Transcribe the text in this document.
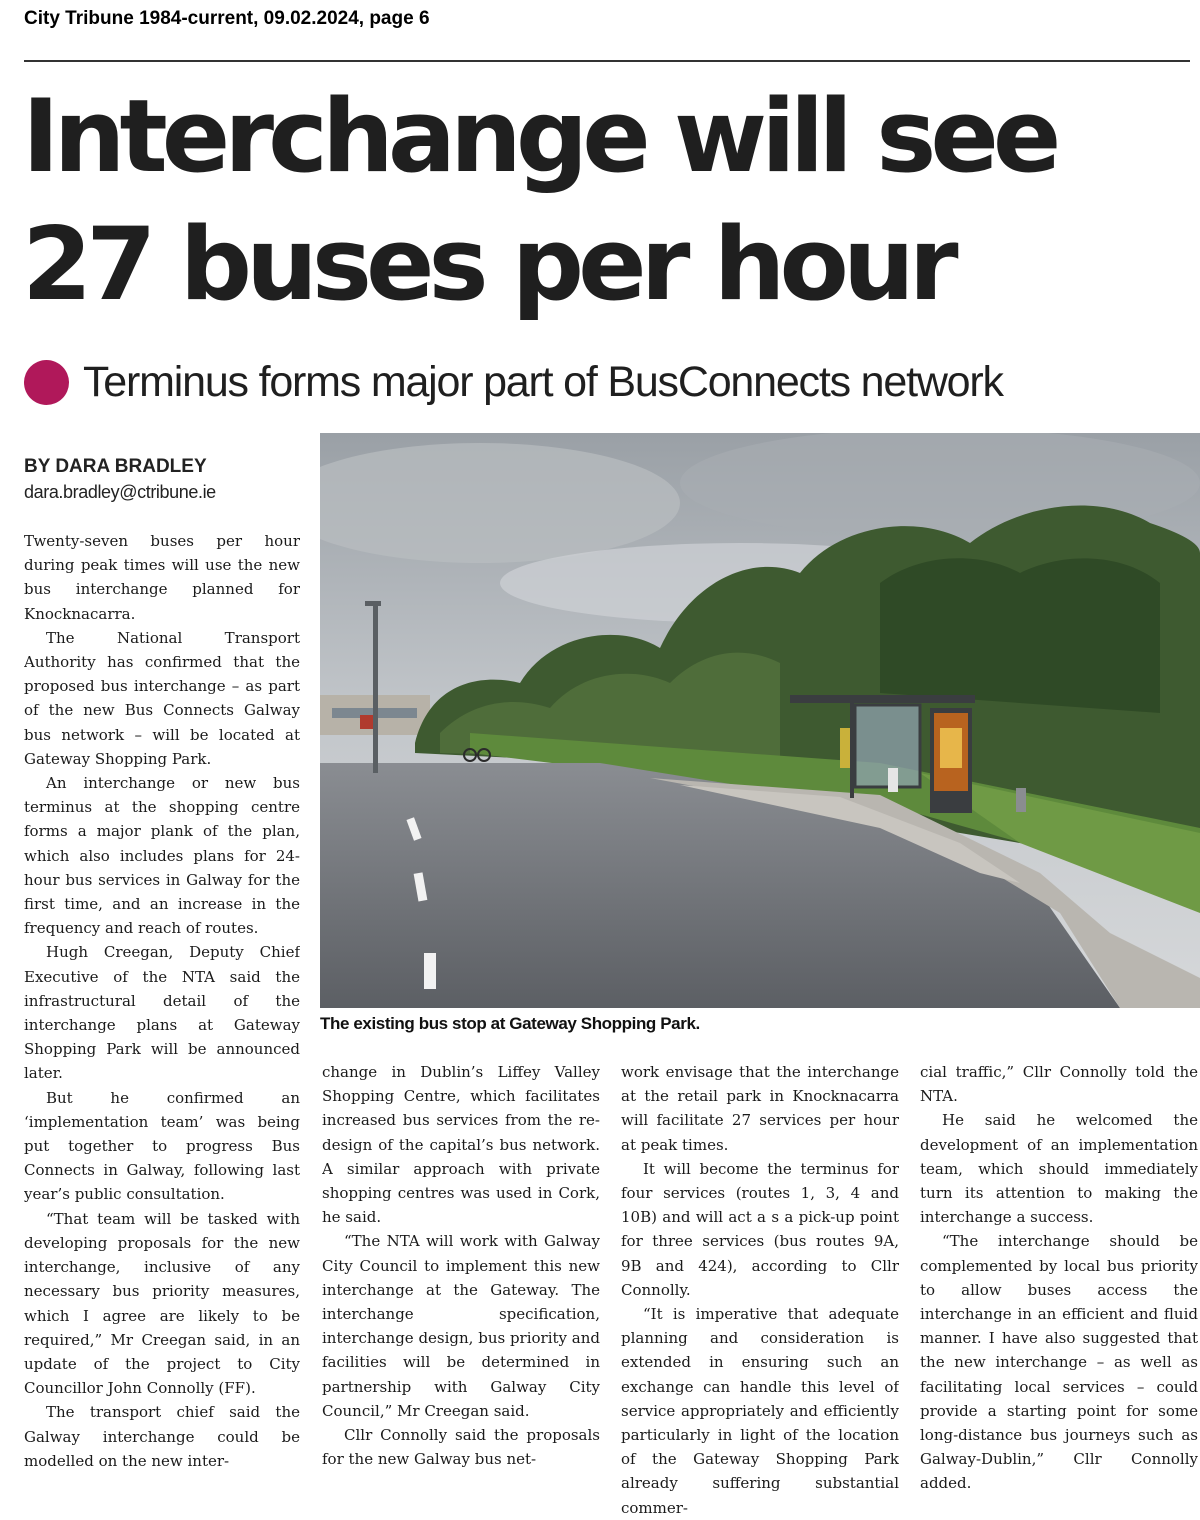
City Tribune 1984-current, 09.02.2024, page 6
Interchange will see 27 buses per hour
Terminus forms major part of BusConnects network
BY DARA BRADLEY
dara.bradley@ctribune.ie
The existing bus stop at Gateway Shopping Park.

Twenty-seven buses per hour during peak times will use the new bus interchange planned for Knocknacarra.

The National Transport Authority has confirmed that the proposed bus interchange – as part of the new Bus Connects Galway bus network – will be located at Gateway Shopping Park.

An interchange or new bus terminus at the shopping centre forms a major plank of the plan, which also includes plans for 24-hour bus services in Galway for the first time, and an increase in the frequency and reach of routes.

Hugh Creegan, Deputy Chief Executive of the NTA said the infrastructural detail of the interchange plans at Gateway Shopping Park will be announced later.

But he confirmed an ‘implementation team’ was being put together to progress Bus Connects in Galway, following last year’s public consultation.

“That team will be tasked with developing proposals for the new interchange, inclusive of any necessary bus priority measures, which I agree are likely to be required,” Mr Creegan said, in an update of the project to City Councillor John Connolly (FF).

The transport chief said the Galway interchange could be modelled on the new inter-

change in Dublin’s Liffey Valley Shopping Centre, which facilitates increased bus services from the re-design of the capital’s bus network. A similar approach with private shopping centres was used in Cork, he said.

“The NTA will work with Galway City Council to implement this new interchange at the Gateway. The interchange specification, interchange design, bus priority and facilities will be determined in partnership with Galway City Council,” Mr Creegan said.

Cllr Connolly said the proposals for the new Galway bus net-

work envisage that the interchange at the retail park in Knocknacarra will facilitate 27 services per hour at peak times.

It will become the terminus for four services (routes 1, 3, 4 and 10B) and will act a s a pick-up point for three services (bus routes 9A, 9B and 424), according to Cllr Connolly.

“It is imperative that adequate planning and consideration is extended in ensuring such an exchange can handle this level of service appropriately and efficiently particularly in light of the location of the Gateway Shopping Park already suffering substantial commer-

cial traffic,” Cllr Connolly told the NTA.

He said he welcomed the development of an implementation team, which should immediately turn its attention to making the interchange a success.

“The interchange should be complemented by local bus priority to allow buses access the interchange in an efficient and fluid manner. I have also suggested that the new interchange – as well as facilitating local services – could provide a starting point for some long-distance bus journeys such as Galway-Dublin,” Cllr Connolly added.
